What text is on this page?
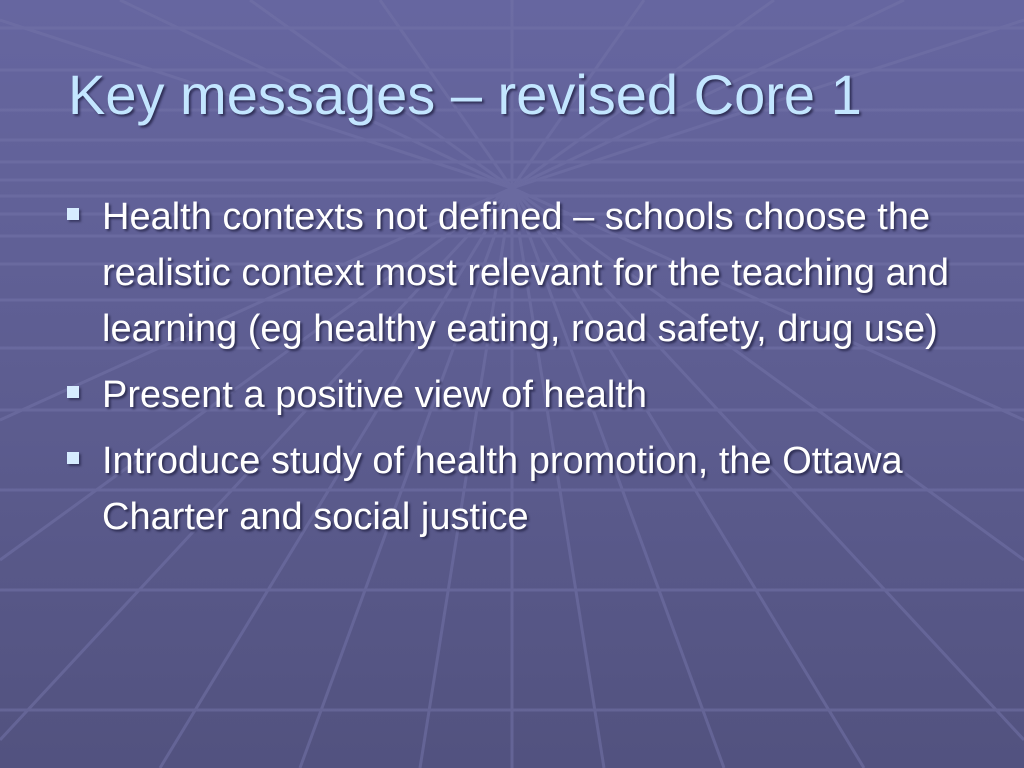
Key messages – revised Core 1
Health contexts not defined – schools choose the realistic context most relevant for the teaching and learning (eg healthy eating, road safety, drug use)
Present a positive view of health
Introduce study of health promotion, the Ottawa Charter and social justice
